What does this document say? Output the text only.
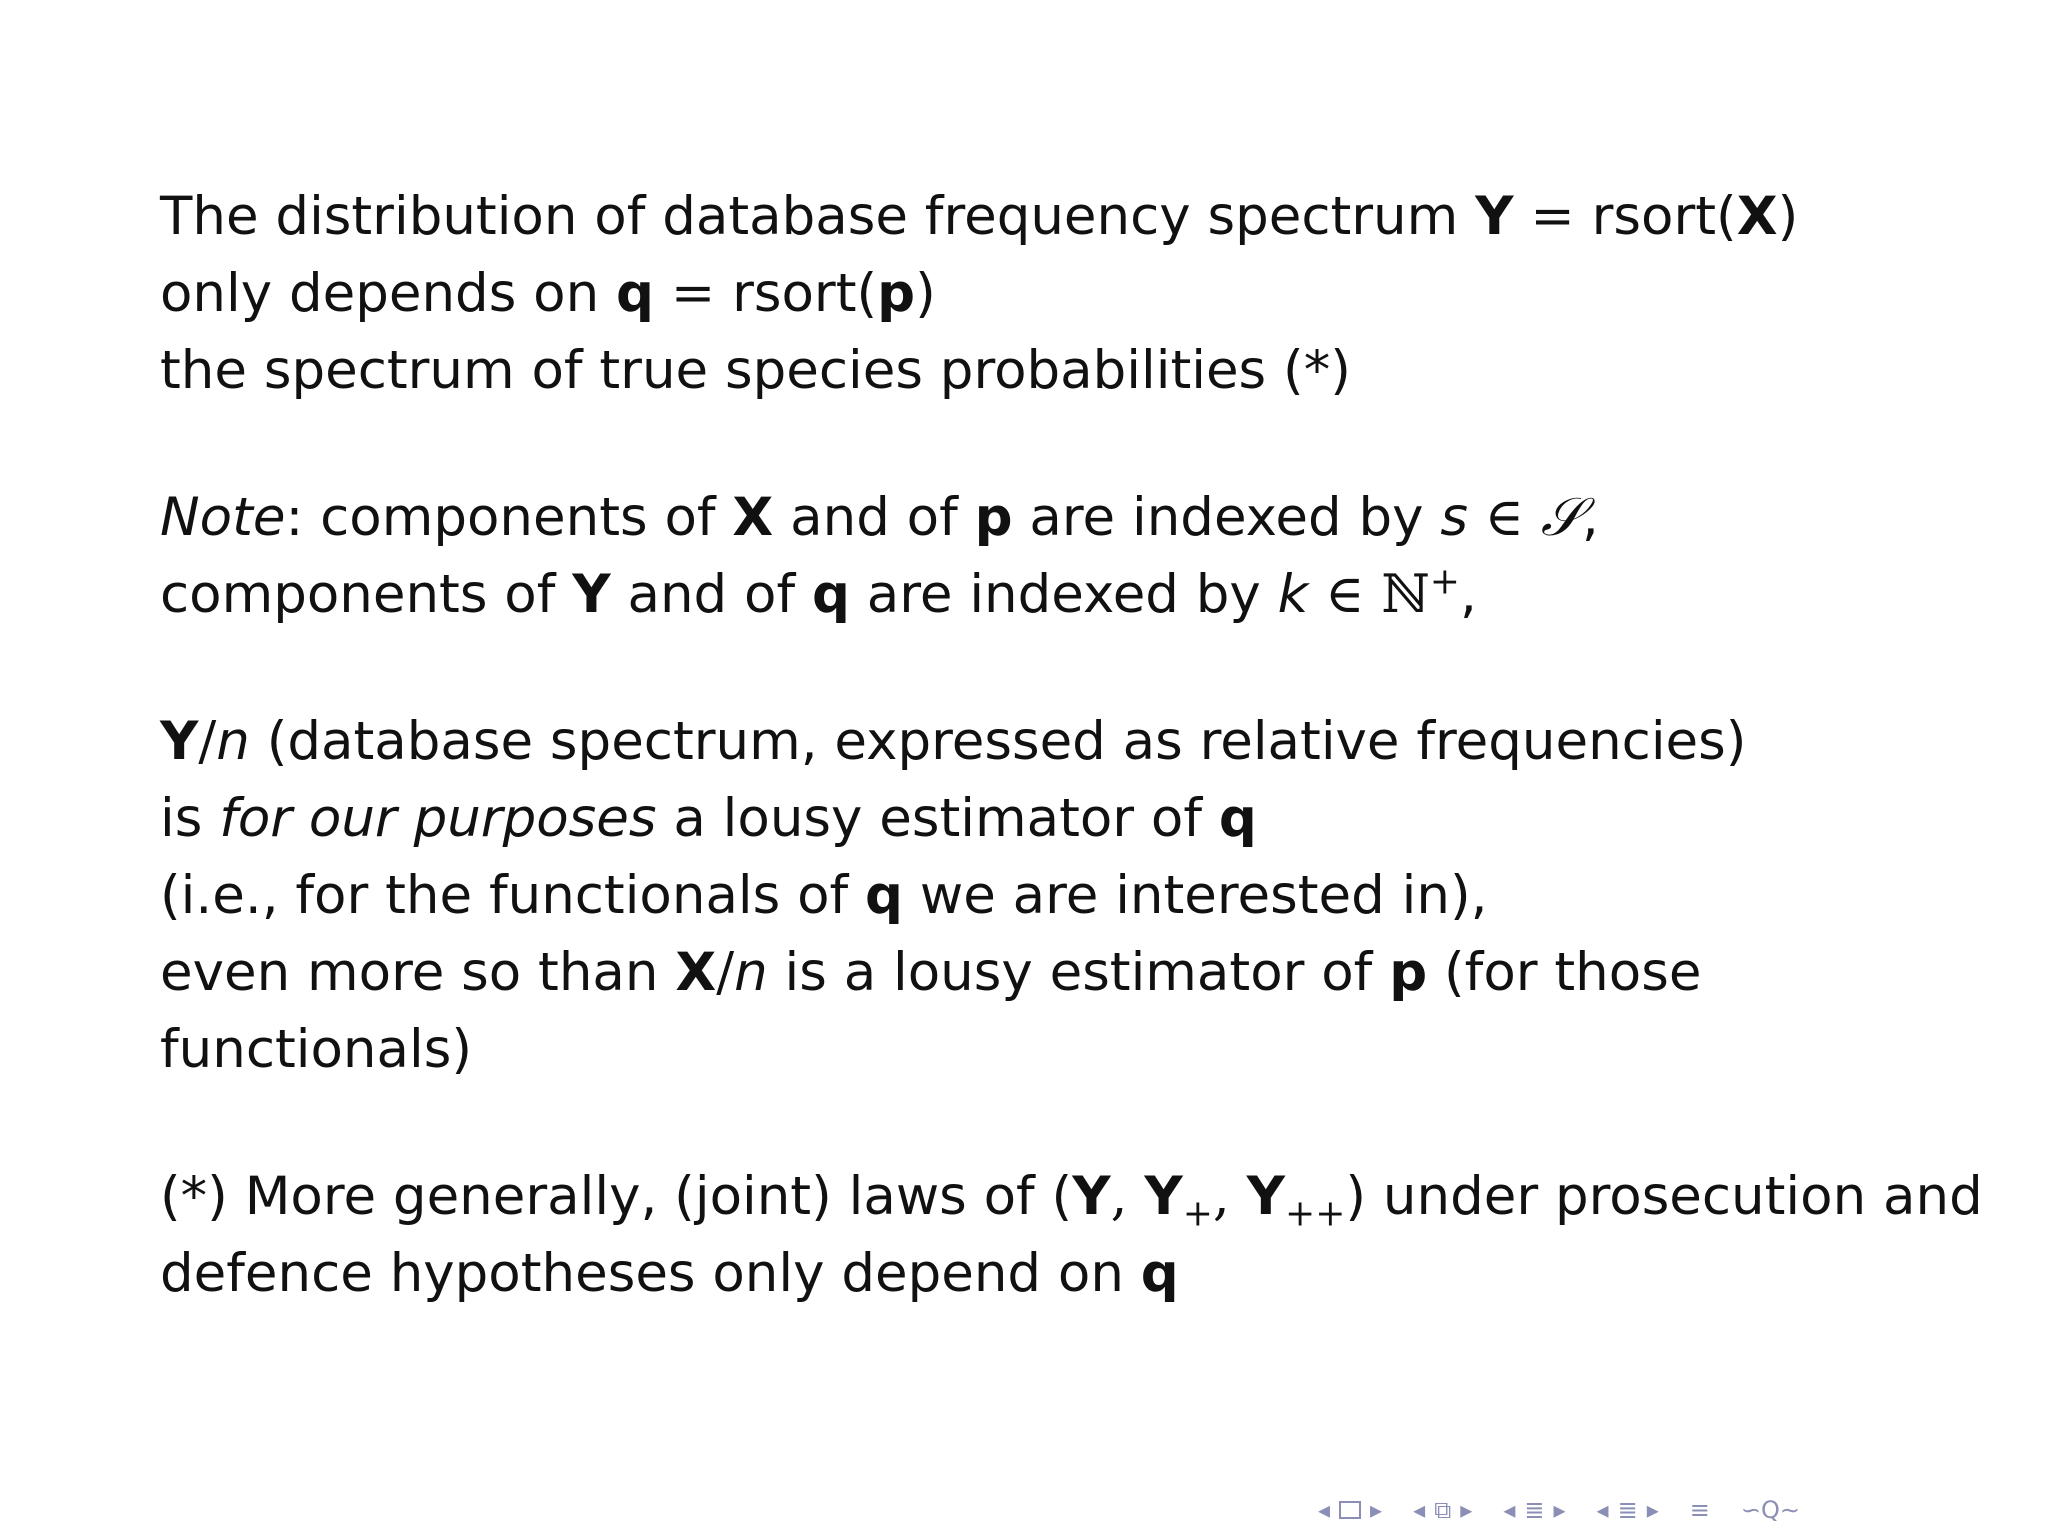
The distribution of database frequency spectrum Y = rsort(X)
only depends on q = rsort(p)
the spectrum of true species probabilities (*)
Note: components of X and of p are indexed by s ∈ 𝒮,
components of Y and of q are indexed by k ∈ ℕ+,
Y/n (database spectrum, expressed as relative frequencies)
is for our purposes a lousy estimator of q
(i.e., for the functionals of q we are interested in),
even more so than X/n is a lousy estimator of p (for those
functionals)
(*) More generally, (joint) laws of (Y, $Y_+$, $Y_{++}$) under prosecution and
defence hypotheses only depend on q
◂ ▸ ◂ ⧉ ▸ ◂ ≣ ▸ ◂ ≣ ▸ ≡ ∽Q∼
